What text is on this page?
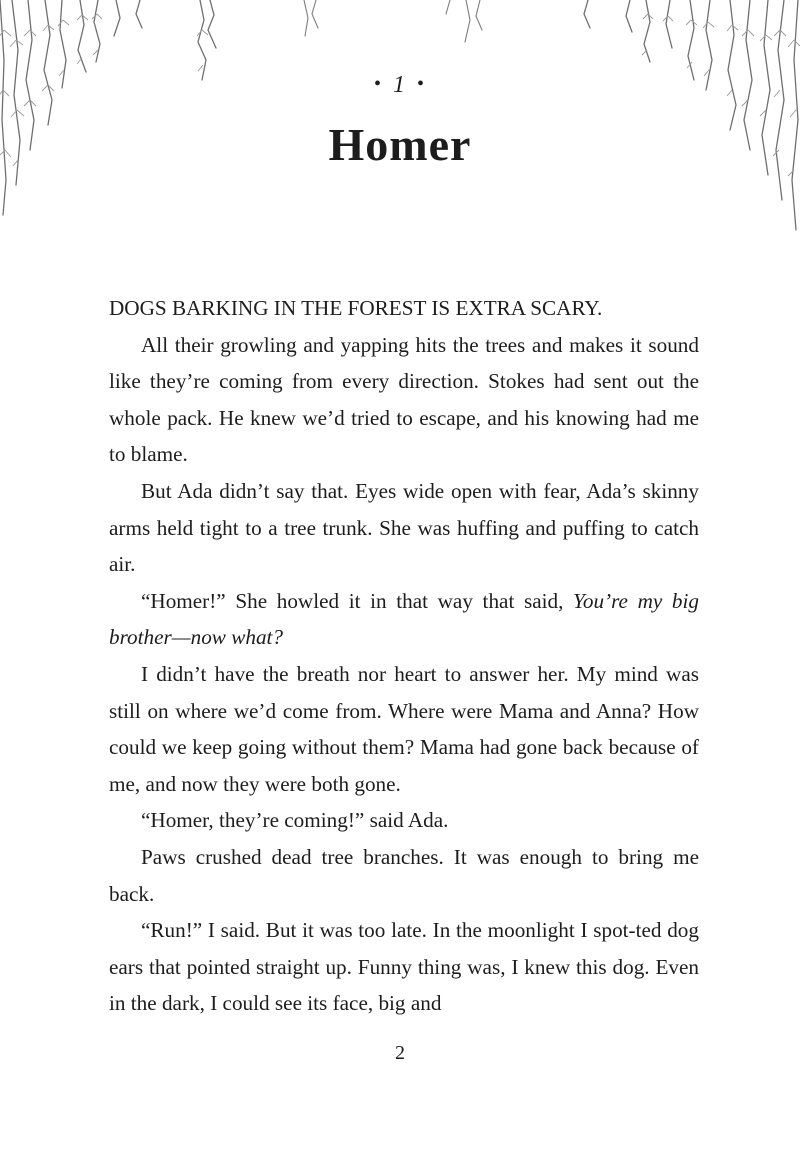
• 1 •
Homer

DOGS BARKING IN THE FOREST IS EXTRA SCARY.

All their growling and yapping hits the trees and makes it sound like they’re coming from every direction. Stokes had sent out the whole pack. He knew we’d tried to escape, and his knowing had me to blame.

But Ada didn’t say that. Eyes wide open with fear, Ada’s skinny arms held tight to a tree trunk. She was huffing and puffing to catch air.

“Homer!” She howled it in that way that said, You’re my big brother—now what?

I didn’t have the breath nor heart to answer her. My mind was still on where we’d come from. Where were Mama and Anna? How could we keep going without them? Mama had gone back because of me, and now they were both gone.

“Homer, they’re coming!” said Ada.

Paws crushed dead tree branches. It was enough to bring me back.

“Run!” I said. But it was too late. In the moonlight I spot-ted dog ears that pointed straight up. Funny thing was, I knew this dog. Even in the dark, I could see its face, big and

2
